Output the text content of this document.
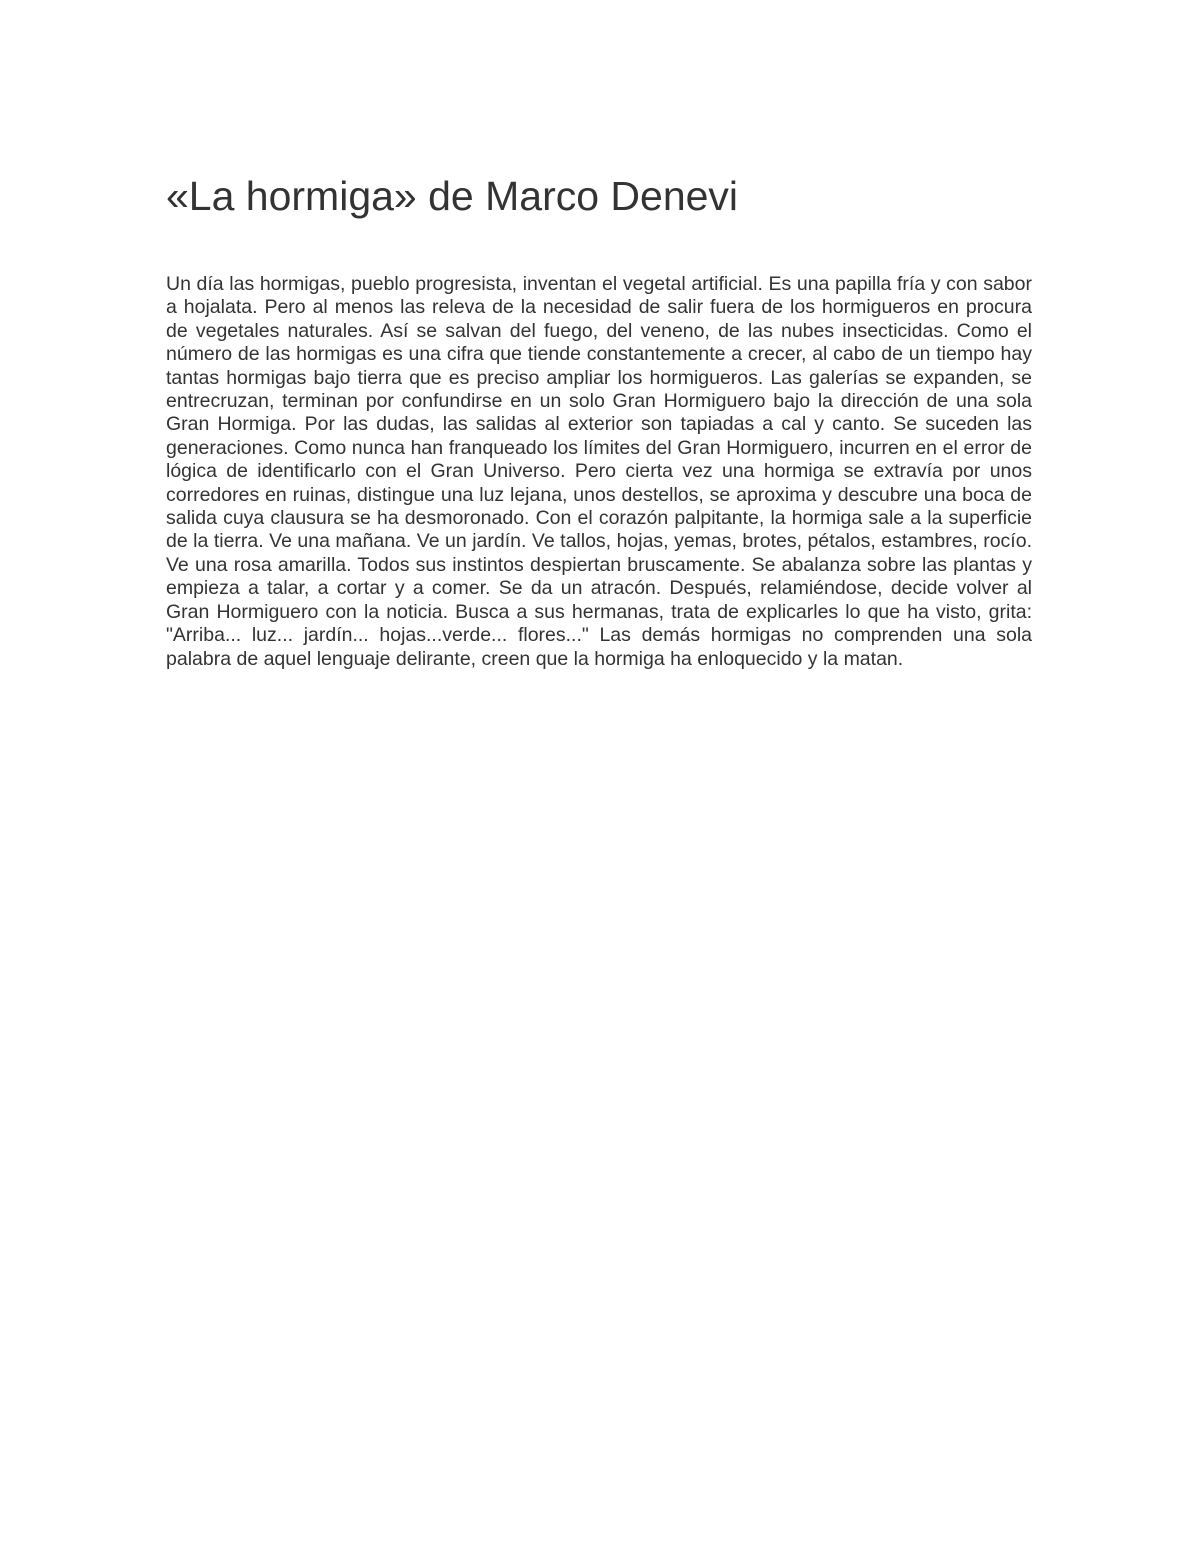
«La hormiga» de Marco Denevi

Un día las hormigas, pueblo progresista, inventan el vegetal artificial. Es una papilla fría y con sabor a hojalata. Pero al menos las releva de la necesidad de salir fuera de los hormigueros en procura de vegetales naturales. Así se salvan del fuego, del veneno, de las nubes insecticidas. Como el número de las hormigas es una cifra que tiende constantemente a crecer, al cabo de un tiempo hay tantas hormigas bajo tierra que es preciso ampliar los hormigueros. Las galerías se expanden, se entrecruzan, terminan por confundirse en un solo Gran Hormiguero bajo la dirección de una sola Gran Hormiga. Por las dudas, las salidas al exterior son tapiadas a cal y canto. Se suceden las generaciones. Como nunca han franqueado los límites del Gran Hormiguero, incurren en el error de lógica de identificarlo con el Gran Universo. Pero cierta vez una hormiga se extravía por unos corredores en ruinas, distingue una luz lejana, unos destellos, se aproxima y descubre una boca de salida cuya clausura se ha desmoronado. Con el corazón palpitante, la hormiga sale a la superficie de la tierra. Ve una mañana. Ve un jardín. Ve tallos, hojas, yemas, brotes, pétalos, estambres, rocío. Ve una rosa amarilla. Todos sus instintos despiertan bruscamente. Se abalanza sobre las plantas y empieza a talar, a cortar y a comer. Se da un atracón. Después, relamiéndose, decide volver al Gran Hormiguero con la noticia. Busca a sus hermanas, trata de explicarles lo que ha visto, grita: "Arriba... luz... jardín... hojas...verde... flores..." Las demás hormigas no comprenden una sola palabra de aquel lenguaje delirante, creen que la hormiga ha enloquecido y la matan.
